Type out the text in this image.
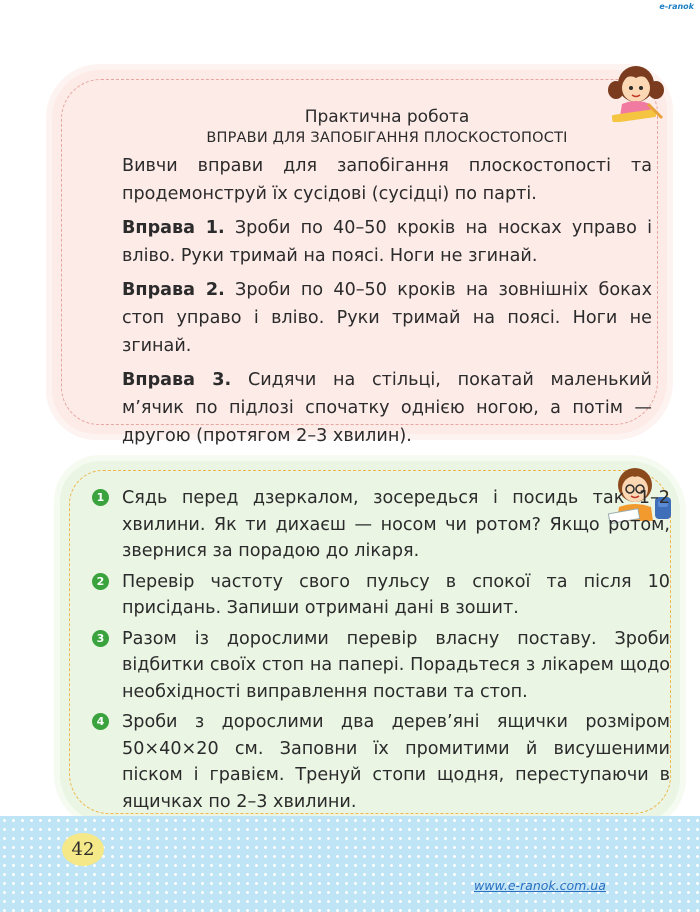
e-ranok
Практична робота
ВПРАВИ ДЛЯ ЗАПОБІГАННЯ ПЛОСКОСТОПОСТІ

Вивчи вправи для запобігання плоскостопості та продемонструй їх сусідові (сусідці) по парті.

Вправа 1. Зроби по 40–50 кроків на носках управо і вліво. Руки тримай на поясі. Ноги не згинай.

Вправа 2. Зроби по 40–50 кроків на зовнішніх боках стоп управо і вліво. Руки тримай на поясі. Ноги не згинай.

Вправа 3. Сидячи на стільці, покатай маленький м’ячик по підлозі спочатку однією ногою, а потім — другою (протягом 2–3 хвилин).

1 Сядь перед дзеркалом, зосередься і посидь так 1–2 хвилини. Як ти дихаєш — носом чи ротом? Якщо ротом, звернися за порадою до лікаря.
2 Перевір частоту свого пульсу в спокої та після 10 присідань. Запиши отримані дані в зошит.
3 Разом із дорослими перевір власну поставу. Зроби відбитки своїх стоп на папері. Порадьтеся з лікарем щодо необхідності виправлення постави та стоп.
4 Зроби з дорослими два дерев’яні ящички розміром 50×40×20 см. Заповни їх промитими й висушеними піском і гравієм. Тренуй стопи щодня, переступаючи в ящичках по 2–3 хвилини.
42
www.e-ranok.com.ua
